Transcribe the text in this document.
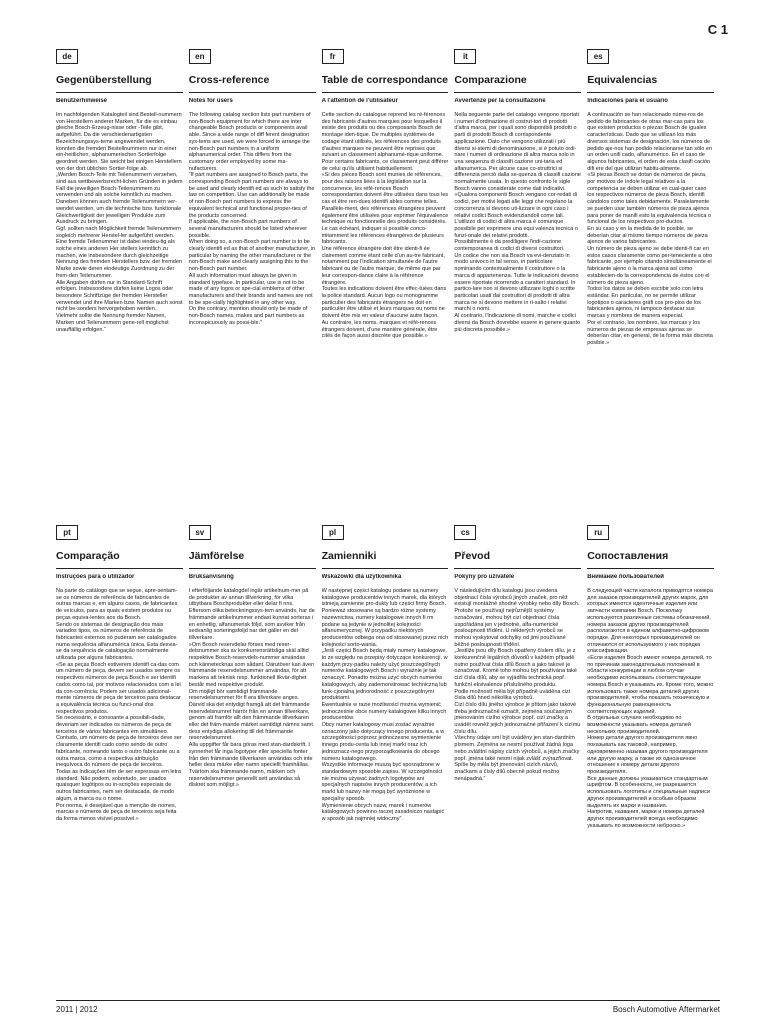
C 1
de
Gegenüberstellung
Benutzerhinweise

Im nachfolgenden Katalogteil sind Bestell-nummern von Herstellern anderer Marken, für die es einbau gleiche Bosch-Erzeug-nisse oder -Teile gibt, aufgeführt. Da die verschiedenartigsten Bezeichnungssys-teme angewendet werden, konnten die fremden Bestellnummern nur in einer ein-heitlichen, alphanumerischen Sortierfolge geordnet werden. Sie weicht bei einigen Herstellern von der dort üblichen Sortier-folge ab.
„Werden Bosch-Teile mit Teilenummern versehen, sind aus wettbewerbsrecht-lichen Gründen in jedem Fall die jeweiligen Bosch-Teilenummern zu verwenden und als solche kenntlich zu machen. Daneben können auch fremde Teilenummern ver-wendet werden, um die technische bzw. funktionale Gleichwertigkeit der jeweiligen Produkte zum Ausdruck zu bringen.
Ggf. sollten nach Möglichkeit fremde Teilenummern sogleich mehrerer Herstel-ler aufgeführt werden.
Eine fremde Teilenummer ist dabei eindeu-tig als solche eines anderen Her stellers kenntlich zu machen, wie insbesondere durch gleichzeitige Nennung des fremden Herstellers bzw. der fremden Marke sowie deren eindeutige Zuordnung zu der frem-den Teilenummer.
Alle Angaben dürfen nur in Standard-Schrift erfolgen. Insbesondere dürfen keine Logos oder besondere Schriftzüge der fremden Hersteller verwendet und ihre Marken bzw. Namen auch sonst nicht be-sonders hervorgehoben werden.
Vielmehr sollte die Nennung fremder Namen, Marken und Teilenummern gene-rell möglichst unauffällig erfolgen.“

en
Cross-reference
Notes for users

The following catalog section lists part numbers of non-Bosch equipment for which there are inter changeable Bosch products or components avail able. Since a wide range of diff ferent designation sys-tems are used, we were forced to arrange the non-Bosch part numbers in a uniform alphanumerical order. This differs from the customary order employed by some ma-nufacturers.
“If part numbers are assigned to Bosch parts, the corresponding Bosch part numbers are always to be used and clearly identifi ed as such to satisfy the law on competition. Use can additionally be made of non-Bosch part numbers to express the equivalent technical and functional proper-ties of the products concerned.
If applicable, the non-Bosch part numbers of several manufacturers should be listed wherever possible.
When doing so, a non-Bosch part number is to be clearly identifi ed as that of another manufacturer, in particular by naming the other manufacturer or the non-Bosch make and clearly assigning this to the non-Bosch part number.
All such information must always be given in standard typeface. In particular, use is not to be made of any logos or spe-cial emblems of other manufacturers and their brands and names are not to be spe-cially highlighted in any other way.
On the contrary, mention should only be made of non-Bosch names, makes and part numbers as inconspicuously as possi-ble.”

fr
Table de correspondance
A l'attention de l'utilisateur

Cette section du catalogue reprend les ré-férences des fabricants d'autres marques pour lesquelles il existe des produits ou des composants Bosch de montage iden-tique. De multiples systèmes de codage étant utilisés, les références des produits d'autres marques ne peuvent être reprises que suivant un classement alphanumé-rique uniforme. Pour certains fabricants, ce classement peut différer de celui qu'ils utilisent habituellement.
«Si des pièces Bosch sont munies de références, pour des raisons liées à la législation sur la concurrence, les réfé-rences Bosch correspondantes doivent être utilisées dans tous les cas et être ren-dues identifi ables comme telles. Parallèle-ment, des références étrangères peuvent également être utilisées pour exprimer l'équivalence technique ou fonctionnelle des produits considérés.
Le cas échéant, indiquer si possible conco-mitamment les références étrangères de plusieurs fabricants.
Une référence étrangère doit être identi-fi ée clairement comme étant celle d'un au-tre fabricant, notamment par l'indication simultanée de l'autre fabricant ou de l'autre marque, de même que par leur correspon-dance claire à la référence étrangère.
Toutes les indications doivent être effec-tuées dans la police standard. Aucun logo ou monogramme particulier des fabricants étrangers ne doit en particulier être utilisé et leurs marques ou noms ne doivent être mis en valeur d'aucune autre façon.
Au contraire, les noms, marques et réfé-rences étrangers doivent, d'une manière générale, être cités de façon aussi discrète que possible.»

it
Comparazione
Avvertenze per la consultazione

Nella seguente parte del catalogo vengono riportati i numeri d'ordinazione di costrut-tori di prodotti d'altra marca, per i quali sono disponibili prodotti o parti di prodotti Bosch di corrispondente applicazione. Dato che vengono utilizzati i più diversi si-stemi di denominazione, si è potuto ordi-nare i numeri di ordinazione di altra marca solo in una sequenza di classifi cazione uni-taria ed alfanumerica. Per alcune case co-struttrici si differenzia perciò dalla se-quenza di classifi cazione normalmente usata. In questo confronto le sigle Bosch vanno considerate come dati indicativi.
«Qualora componenti Bosch vengano cor-redati di codici, per motivi legati alle leggi che regolano la concorrenza si devono uti-lizzare in ogni caso i relativi codici Bosch evidenziandoli come tali. L'utilizzo di codici di altra marca è comunque possibile per esprimere una equi valenza tecnica o funzi-onale dei relativi prodotti.
Possibilmente è da prediligere l'indi-cazione contemporanea di codici di diversi costruttori.
Un codice che non sia Bosch va evi-denziato in modo univoco in tal senso, in particolare nominando contestualmente il costruttore o la marca di appartenenza. Tutte le indicazioni devono essere riportate ricorrendo a caratteri standard. In partico-lare non si devono utilizzare loghi o scritte particolari usati dai costruttori di prodotti di altra marca ne si devono mettere in ri-salto i relativi marchi o nomi.
Al contrario, l'indicazione di nomi, marche e codici diversi da Bosch dovrebbe essere in genere quanto più discreta possibile.»

es
Equivalencias
Indicaciones para el usuario

A continuación se han relacionado núme-ros de pedido de fabricantes de otras mar-cas para los que existen productos o piezas Bosch de iguales características. Dado que se utilizan los más diversos sistemas de designación, los números de pedido aje-nos han podido relacionarse tan sólo en un orden unifi cado, alfanumérico. En el caso de algunos fabricantes, el orden de esta clasifi cación difi ere del que utilizan habitu-almente.
«Si piezas Bosch se dotan de números de pieza, por motivos de índole legal relativos a la competencia se deben utilizar en cual-quier caso los respectivos números de pieza Bosch, identifi cándolos como tales debidamente. Paralelamente se pueden usar también números de pieza ajenos para poner de manifi esto la equivalencia técnica o funcional de los respectivos pro-ductos.
En su caso y en la medida de lo posible, se deberían citar al mismo tiempo números de pieza ajenos de varios fabricantes.
Un número de pieza ajeno se debe identi-fi car en estos casos claramente como per-teneciente a otro fabricante, por ejemplo citando simultáneamente el fabricante ajeno o la marca ajena así como establecien-do la correspondencia de éstos con el número de pieza ajeno.
Todos los datos se deben escribir solo con letra estándar. En particular, no se permite utilizar logotipos o caracteres gráfi cos pro-pios de los fabricantes ajenos, ni tampoco destacar sus marcas y nombres de manera especial.
Por el contrario, los nombres, las marcas y los números de piezas de empresas ajenas se deberían citar, en general, de la forma más discreta posible.»

pt
Comparação
Instruções para o utilizador

Na parte do catálogo que se segue, apre-sentam-se os números de referência de fabricantes de outras marcas e, em alguns casos, de fabricantes de veículos, para as quais existem produtos ou peças equiva-lentes aos da Bosch.
Sendo os sistemas de designação dos mais variados tipos, os números de referência de fabricantes externos só puderam ser catalogados numa sequência alfanumérica única. Esta desvia-se da sequência de catalogação normalmente utilizada por alguns fabricantes.
«Se as peças Bosch estiverem identifi ca-das com um número de peça, devem ser usados sempre os respectivos números de peça Bosch e ser identifi cados como tal, por motivos relacionados com a lei da con-corrência. Podem ser usados adicional-mente números de peça de terceiros para destacar a equivalência técnica ou funci-onal dos respectivos produtos.
Se necessário, e consoante a possibili-dade, deveriam ser indicados os números de peça de terceiros de vários fabricantes em simultâneo.
Contudo, um número de peça de terceiros deve ser claramente identifi cado como sendo de outro fabricante, nomeando tanto o outro fabricante ou a outra marca, como a respectiva atribuição inequívoca do número de peça de terceiros.
Todas as indicações têm de ser expressas em letra standard. Não podem, sobretudo, ser usados quaisquer logótipos ou in-scrições especiais de outros fabricantes, nem ser destacada, de modo algum, a marca ou o nome.
Por norma, é desejável que a menção de nomes, marcas e números de peça de terceiros seja feita da forma menos visível possível.»

sv
Jämförelse
Bruksanvisning

I efterföljande katalogdel ingår artikelnum-mer på de produkter av annan tillverkning, för vilka utbytbara Boschprodukter eller delar fi nns. Eftersom olika beteckningssys-tem används, har de främmande artikelnummer endast kunnat sorteras i en enhetlig, alfanumerisk följd, som avviker från sedvanlig sorteringsfoljd nar det gäller en del tillverkare.
»Om Bosch reservdelar förses med reser-delsnummer ska av konkurrensrättsliga skäl alltid respektive Bosch-reservdels-nummer användas och kännetecknas som sådant. Därutöver kan även främmande reservdelsnummer användas, för att markera att teknisk resp. funktionell likvär-dighet består med respektive produkt.
Om möjligt bör samtidigt främmande reservdelsnummer för fl era tillverkare anges.
Därvid ska det entydigt framgå att det främmande reservdelsnumret härrör från en annan tillverkare, genom att framför allt den främmande tillverkaren eller det främ-mande märket samtidigt nämns samt dess entydiga allokering till det främmande reservdelsnumret.
Alla uppgifter får bara göras med stan-dardskrift. I synnerhet får inga logotyper eller speciella fonter från den främmande tillverkaren användas och inte heller dess märke eller namn speciellt framhållas.
Tvärtom ska främmande namn, märken och reservdelsnummer generellt sett användas så diskret som möjligt.»

pl
Zamienniki
Wskazówki dla użytkownika

W następnej części katalogu podane są numery katalogowe producentów innych marek, dla których istnieją zamienne pro-dukty lub części firmy Bosch. Ponieważ stosowane są bardzo różne systemy nazewnictwa, numery katalogowe innych fi rm podane są jedynie w jednolitej kolejności alfanumerycznej. W przypadku niektórych producentów odbiega ona od stosowanej przez nich kolejności sorto-wania.
„Jeśli części Bosch będą miały numery katalogowe, to ze względu na przepisy dotyczące konkurencji, w każdym przy-padku należy użyć poszczególnych numerów katalogowych Bosch i wyraźnie je tak oznaczyć. Ponadto można użyć obcych numerów katalogowych, aby zademonstrować techniczną lub funk-cjonalną jednorodność z poszczególnymi produktami.
Ewentualnie w razie możliwości można wymienić jednocześnie obce numery katalogowe kilku innych producentów.
Obcy numer katalogowy musi zostać wyraźnie oznaczony jako dotyczący innego producenta, a w szczególności poprzez jednoczesne wymienienie innego produ-centa lub innej marki oraz ich jednoznacz-nego przyporządkowania do obcego numeru katalogowego.
Wszystkie informacje muszą być sporządzone w standardowym sposobie zapisu. W szczególności nie można używać żadnych logotypów ani specjalnych napisów innych producentów, a ich marki lub nazwy nie mogą być wyróżnione w specjalny sposób.
Wymienienie obcych nazw, marek i numerów katalogowych powinno raczej zasadniczo nastąpić w sposób jak najmniej widoczny”.

cs
Převod
Pokyny pro uživatele

V následujícím dílu katalogu jsou uvedena objednací čísla výrobců jiných značek, pro něž existují montážně shodné výrobky nebo díly Bosch. Protože se používají nejrůznější systémy označování, mohou být cizí objednací čísla uspořádána jen v jednotné, alfa-numerické posloupnosti třídění. U některých výrobců se mohou vyskytovat odchylky od jimi používané běžné posloupnosti třídění.
„Jestliže jsou díly Bosch opatřeny číslem dílu, je z konkurenčně legálních důvodů v každém případě nutno používat čísla dílů Bosch a jako takové je označovat. Kromě toho mohou být používána také cizí čísla dílů, aby se vyjádřila technická popř. funkční ekvivalence příslušného produktu.
Podle možností měla být případně uváděna cizí čísla dílů hned několika výrobců.
Cizí číslo dílu jiného výrobce je přitom jako takové třeba jednoznačně označit, zejména současným jmenováním cizího výrobce popř. cizí značky a uvádět rovněž jejich jednoznačné přiřazení k cizímu číslu dílu.
Všechny údaje smí být uváděny jen stan-dardním písmem. Zejména se nesmí používat žádná loga nebo zvláštní nápisy cizích výrobců, a jejich značky popř. jména také nesmí nijak zvlášť zvýrazňovat.
Spíše by měla být jmenování cizích názvů, značkami a čísly dílů obecně pokud možno nenápadná.”

ru
Сопоставления
Внимание пользователей

В следующей части каталога приводятся номера для заказов производителей других марок, для которых имеются идентичные изделия или запчасти компании Bosch. Поскольку используются различные системы обозначений, номера заказов других производителей располагаются в едином алфавитно-цифровом порядке. Для некоторых производителей он отличаются от используемого у них порядка классификации.
«Если изделия Bosch имеют номера деталей, то по причинам законодательных положений в области конкуренции в любом случае необходимо использовать соответствующие номера Bosch и указывать их. Кроме того, можно использовать также номера деталей других производителей, чтобы показать техническую и функциональную равноценность соответствующих изделий.
В отдельных случаях необходимо по возможности указывать номера деталей нескольких производителей.
Номер детали другого производителя явно показывать как таковой, например, одновременно называя другого производителя или другую марку, а также их однозначное отношение к номеру детали другого производителя.
Все данные должны указываться стандартным шрифтом. В особенности, не разрешается использовать логотипы и специальные надписи других производителей и особым образом выделять их марки и названия.
Напротив, названия, марки и номера деталей других производителей всегда необходимо указывать по возможности неброско.»

2011 | 2012	Bosch Automotive Aftermarket
